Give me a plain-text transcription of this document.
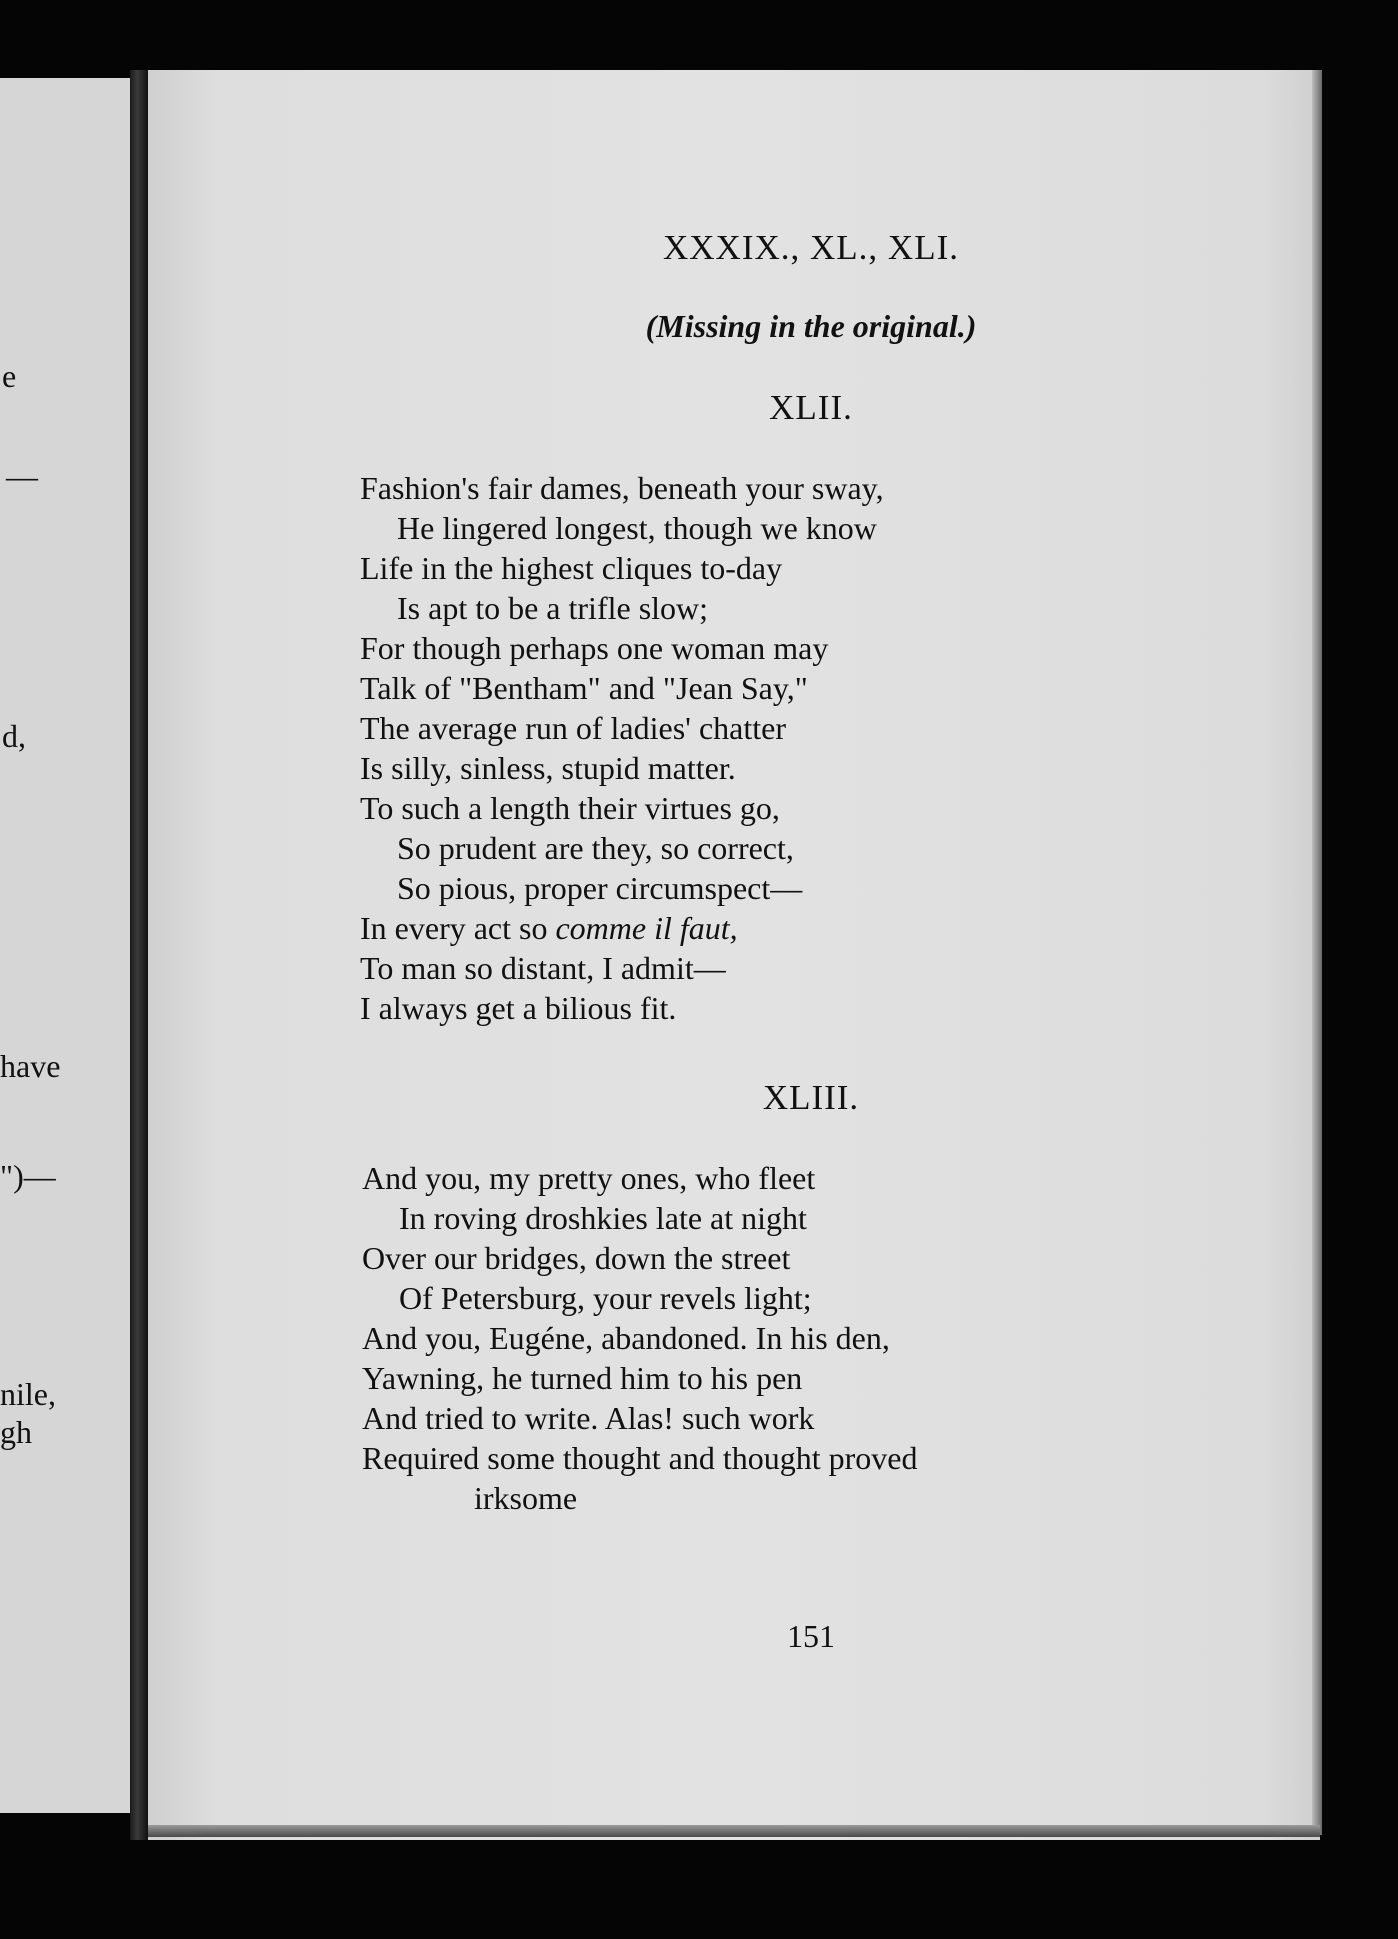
e
—
d,
have
")—
nile,
gh
XXXIX., XL., XLI.
(Missing in the original.)
XLII.
Fashion's fair dames, beneath your sway,
He lingered longest, though we know
Life in the highest cliques to-day
Is apt to be a trifle slow;
For though perhaps one woman may
Talk of "Bentham" and "Jean Say,"
The average run of ladies' chatter
Is silly, sinless, stupid matter.
To such a length their virtues go,
So prudent are they, so correct,
So pious, proper circumspect—
In every act so comme il faut,
To man so distant, I admit—
I always get a bilious fit.
XLIII.
And you, my pretty ones, who fleet
In roving droshkies late at night
Over our bridges, down the street
Of Petersburg, your revels light;
And you, Eugéne, abandoned. In his den,
Yawning, he turned him to his pen
And tried to write. Alas! such work
Required some thought and thought proved
irksome
151
